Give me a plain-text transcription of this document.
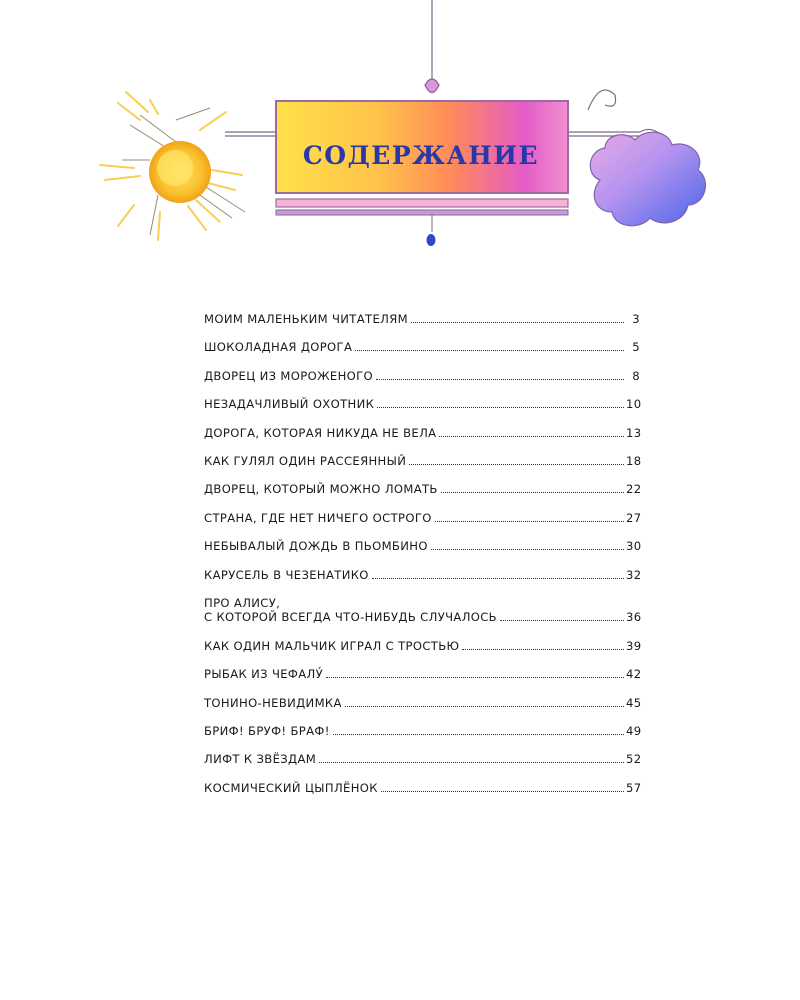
СОДЕРЖАНИЕ
МОИМ МАЛЕНЬКИМ ЧИТАТЕЛЯМ	3
ШОКОЛАДНАЯ ДОРОГА	5
ДВОРЕЦ ИЗ МОРОЖЕНОГО	8
НЕЗАДАЧЛИВЫЙ ОХОТНИК	10
ДОРОГА, КОТОРАЯ НИКУДА НЕ ВЕЛА	13
КАК ГУЛЯЛ ОДИН РАССЕЯННЫЙ	18
ДВОРЕЦ, КОТОРЫЙ МОЖНО ЛОМАТЬ	22
СТРАНА, ГДЕ НЕТ НИЧЕГО ОСТРОГО	27
НЕБЫВАЛЫЙ ДОЖДЬ В ПЬОМБИНО	30
КАРУСЕЛЬ В ЧЕЗЕНАТИКО	32
ПРО АЛИСУ,
С КОТОРОЙ ВСЕГДА ЧТО-НИБУДЬ СЛУЧАЛОСЬ	36
КАК ОДИН МАЛЬЧИК ИГРАЛ С ТРОСТЬЮ	39
РЫБАК ИЗ ЧЕФАЛУ́	42
ТОНИНО-НЕВИДИМКА	45
БРИФ! БРУФ! БРАФ!	49
ЛИФТ К ЗВЁЗДАМ	52
КОСМИЧЕСКИЙ ЦЫПЛЁНОК	57
